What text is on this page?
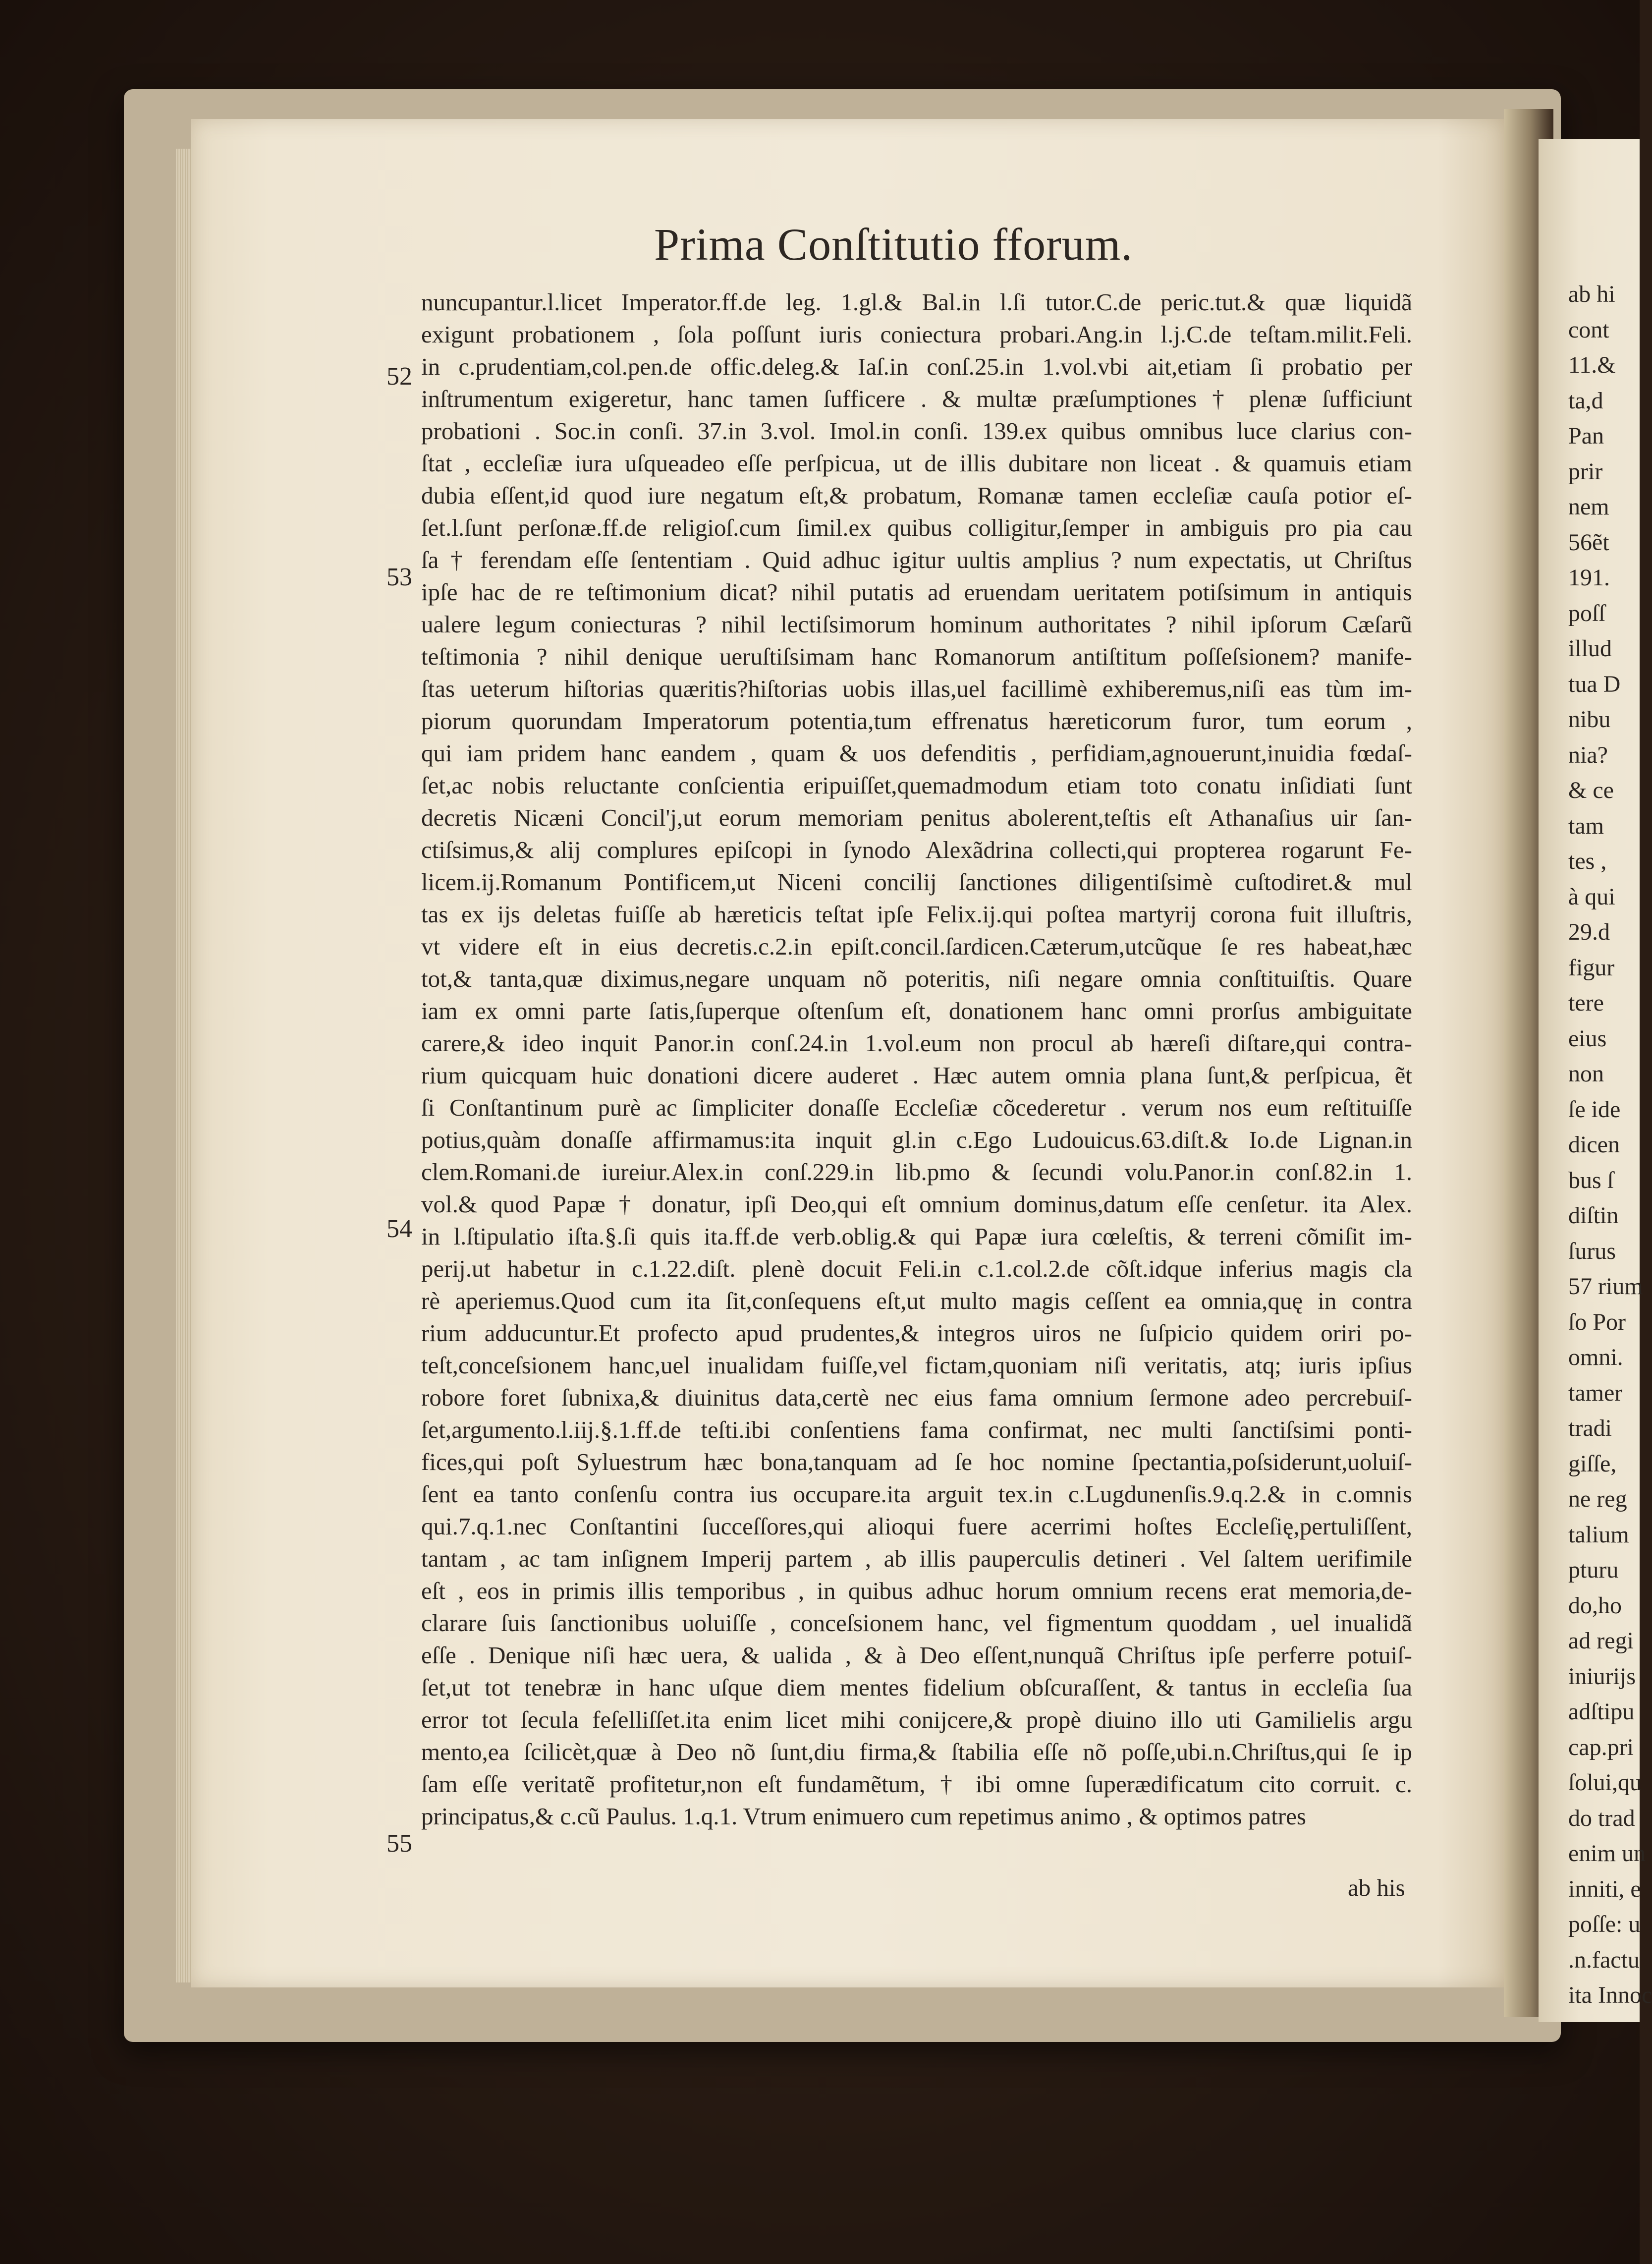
ab hi
cont
11.&
ta,d
Pan
prir
nem
56ẽt
191.
poſſ
illud
tua D
nibu
nia?
& ce
tam
tes ,
à qui
29.d
figur
tere
eius
non
ſe ide
dicen
bus ſ
diſtin
ſurus
57 rium
ſo Por
omni.
tamer
tradi
giſſe,
ne reg
talium
pturu
do,ho
ad regi
iniurijs
adſtipu
cap.pri
ſolui,qu
do trad
enim un
inniti, e
poſſe: u
.n.factu
ita Innoc
Prima Conſtitutio fforum.
nuncupantur.l.licet Imperator.ff.de leg. 1.gl.& Bal.in l.ſi tutor.C.de peric.tut.& quæ liquidã
exigunt probationem , ſola poſſunt iuris coniectura probari.Ang.in l.j.C.de teſtam.milit.Feli.
in c.prudentiam,col.pen.de offic.deleg.& Iaſ.in conſ.25.in 1.vol.vbi ait,etiam ſi probatio per
inſtrumentum exigeretur, hanc tamen ſufficere . & multæ præſumptiones † plenæ ſufficiunt
probationi . Soc.in conſi. 37.in 3.vol. Imol.in conſi. 139.ex quibus omnibus luce clarius con-
ſtat , eccleſiæ iura uſqueadeo eſſe perſpicua, ut de illis dubitare non liceat . & quamuis etiam
dubia eſſent,id quod iure negatum eſt,& probatum, Romanæ tamen eccleſiæ cauſa potior eſ-
ſet.l.ſunt perſonæ.ff.de religioſ.cum ſimil.ex quibus colligitur,ſemper in ambiguis pro pia cau
ſa † ferendam eſſe ſententiam . Quid adhuc igitur uultis amplius ? num expectatis, ut Chriſtus
ipſe hac de re teſtimonium dicat? nihil putatis ad eruendam ueritatem potiſsimum in antiquis
ualere legum coniecturas ? nihil lectiſsimorum hominum authoritates ? nihil ipſorum Cæſarũ
teſtimonia ? nihil denique ueruſtiſsimam hanc Romanorum antiſtitum poſſeſsionem? manife-
ſtas ueterum hiſtorias quæritis?hiſtorias uobis illas,uel facillimè exhiberemus,niſi eas tùm im-
piorum quorundam Imperatorum potentia,tum effrenatus hæreticorum furor, tum eorum ,
qui iam pridem hanc eandem , quam & uos defenditis , perfidiam,agnouerunt,inuidia fœdaſ-
ſet,ac nobis reluctante conſcientia eripuiſſet,quemadmodum etiam toto conatu inſidiati ſunt
decretis Nicæni Concil'j,ut eorum memoriam penitus abolerent,teſtis eſt Athanaſius uir ſan-
ctiſsimus,& alij complures epiſcopi in ſynodo Alexãdrina collecti,qui propterea rogarunt Fe-
licem.ij.Romanum Pontificem,ut Niceni concilij ſanctiones diligentiſsimè cuſtodiret.& mul
tas ex ijs deletas fuiſſe ab hæreticis teſtat ipſe Felix.ij.qui poſtea martyrij corona fuit illuſtris,
vt videre eſt in eius decretis.c.2.in epiſt.concil.ſardicen.Cæterum,utcũque ſe res habeat,hæc
tot,& tanta,quæ diximus,negare unquam nõ poteritis, niſi negare omnia conſtituiſtis. Quare
iam ex omni parte ſatis,ſuperque oſtenſum eſt, donationem hanc omni prorſus ambiguitate
carere,& ideo inquit Panor.in conſ.24.in 1.vol.eum non procul ab hæreſi diſtare,qui contra-
rium quicquam huic donationi dicere auderet . Hæc autem omnia plana ſunt,& perſpicua, ẽt
ſi Conſtantinum purè ac ſimpliciter donaſſe Eccleſiæ cõcederetur . verum nos eum reſtituiſſe
potius,quàm donaſſe affirmamus:ita inquit gl.in c.Ego Ludouicus.63.diſt.& Io.de Lignan.in
clem.Romani.de iureiur.Alex.in conſ.229.in lib.pmo & ſecundi volu.Panor.in conſ.82.in 1.
vol.& quod Papæ † donatur, ipſi Deo,qui eſt omnium dominus,datum eſſe cenſetur. ita Alex.
in l.ſtipulatio iſta.§.ſi quis ita.ff.de verb.oblig.& qui Papæ iura cœleſtis, & terreni cõmiſit im-
perij.ut habetur in c.1.22.diſt. plenè docuit Feli.in c.1.col.2.de cõſt.idque inferius magis cla
rè aperiemus.Quod cum ita ſit,conſequens eſt,ut multo magis ceſſent ea omnia,quę in contra
rium adducuntur.Et profecto apud prudentes,& integros uiros ne ſuſpicio quidem oriri po-
teſt,conceſsionem hanc,uel inualidam fuiſſe,vel fictam,quoniam niſi veritatis, atq; iuris ipſius
robore foret ſubnixa,& diuinitus data,certè nec eius fama omnium ſermone adeo percrebuiſ-
ſet,argumento.l.iij.§.1.ff.de teſti.ibi conſentiens fama confirmat, nec multi ſanctiſsimi ponti-
fices,qui poſt Syluestrum hæc bona,tanquam ad ſe hoc nomine ſpectantia,poſsiderunt,uoluiſ-
ſent ea tanto conſenſu contra ius occupare.ita arguit tex.in c.Lugdunenſis.9.q.2.& in c.omnis
qui.7.q.1.nec Conſtantini ſucceſſores,qui alioqui fuere acerrimi hoſtes Eccleſię,pertuliſſent,
tantam , ac tam inſignem Imperij partem , ab illis pauperculis detineri . Vel ſaltem uerifimile
eſt , eos in primis illis temporibus , in quibus adhuc horum omnium recens erat memoria,de-
clarare ſuis ſanctionibus uoluiſſe , conceſsionem hanc, vel figmentum quoddam , uel inualidã
eſſe . Denique niſi hæc uera, & ualida , & à Deo eſſent,nunquã Chriſtus ipſe perferre potuiſ-
ſet,ut tot tenebræ in hanc uſque diem mentes fidelium obſcuraſſent, & tantus in eccleſia ſua
error tot ſecula feſelliſſet.ita enim licet mihi conijcere,& propè diuino illo uti Gamilielis argu
mento,ea ſcilicèt,quæ à Deo nõ ſunt,diu firma,& ſtabilia eſſe nõ poſſe,ubi.n.Chriſtus,qui ſe ip
ſam eſſe veritatẽ profitetur,non eſt fundamẽtum, † ibi omne ſuperædificatum cito corruit. c.
principatus,& c.cũ Paulus. 1.q.1. Vtrum enimuero cum repetimus animo , & optimos patres
52
53
54
55
ab his
